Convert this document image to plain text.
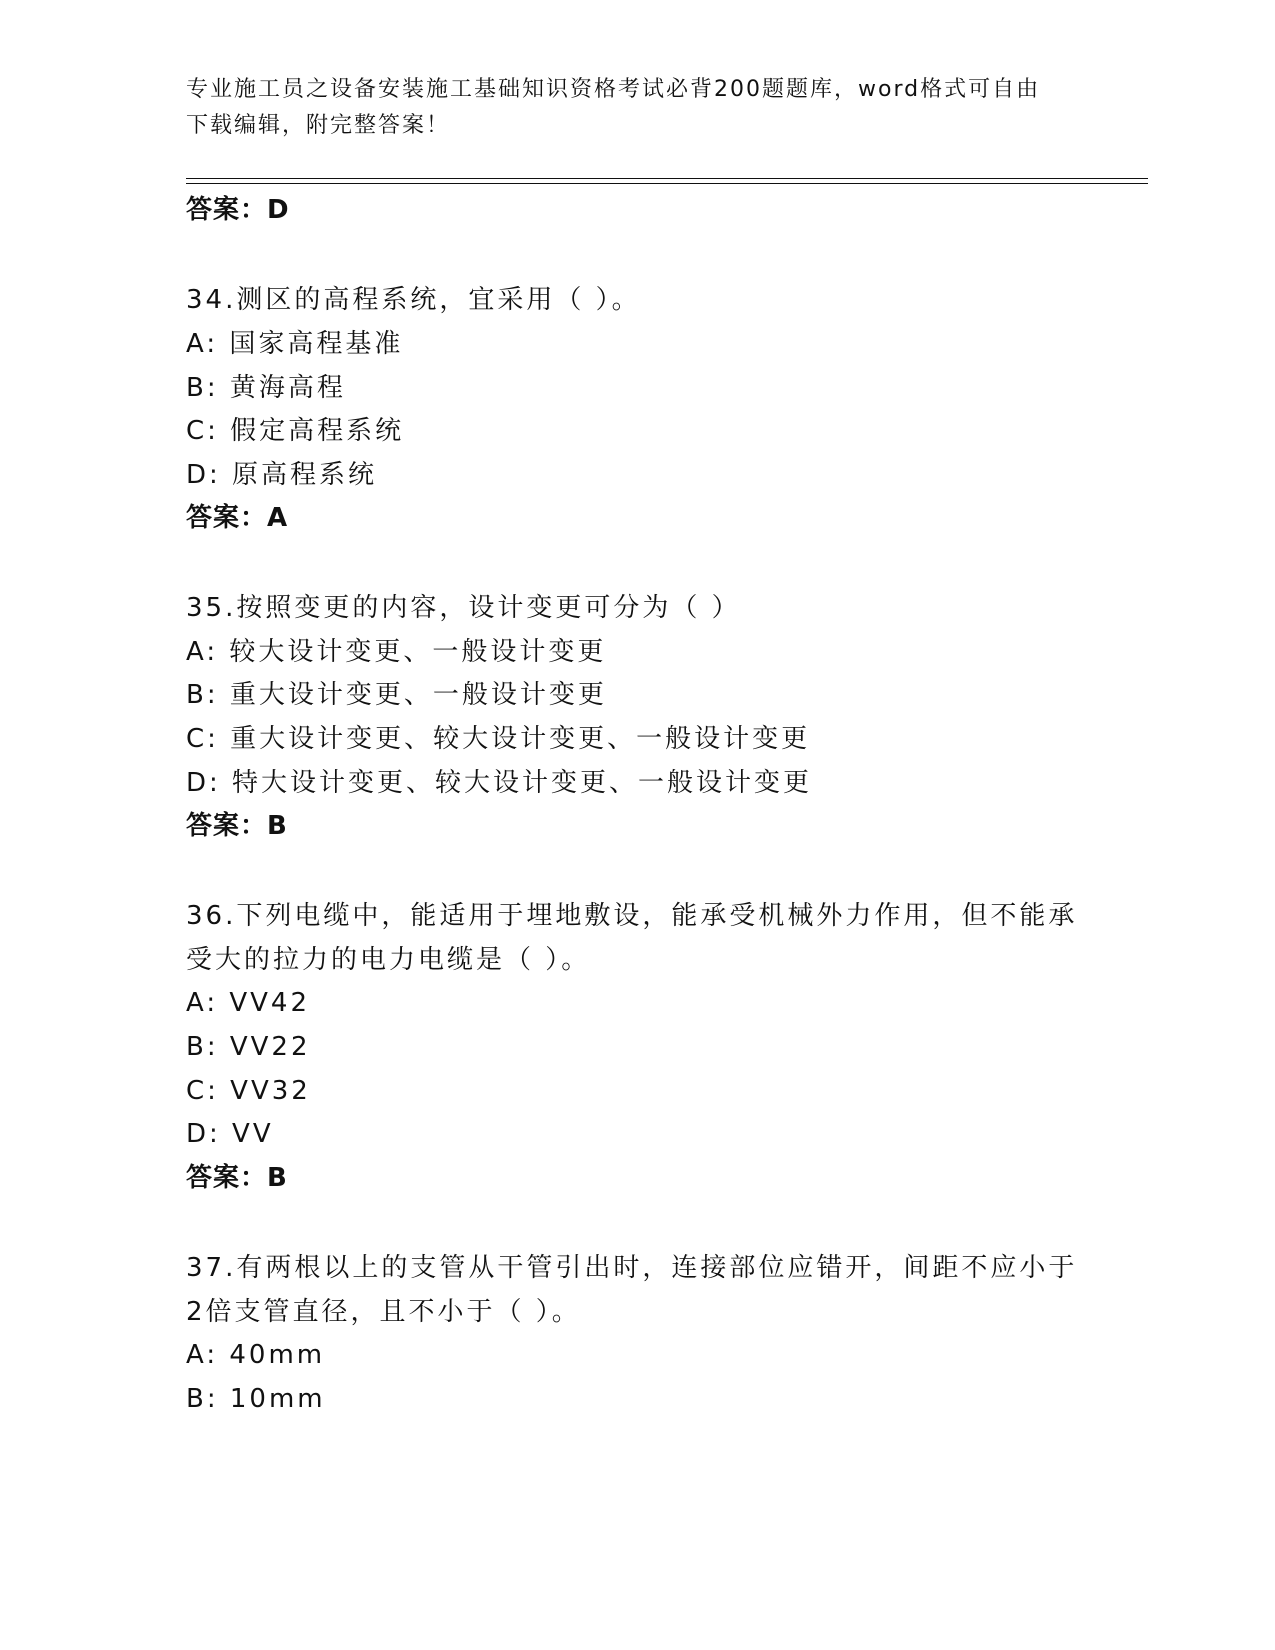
专业施工员之设备安装施工基础知识资格考试必背200题题库，word格式可自由
下载编辑，附完整答案！
答案：D
34.测区的高程系统，宜采用（ ）。
A: 国家高程基准
B: 黄海高程
C: 假定高程系统
D: 原高程系统
答案：A
35.按照变更的内容，设计变更可分为（ ）
A: 较大设计变更、一般设计变更
B: 重大设计变更、一般设计变更
C: 重大设计变更、较大设计变更、一般设计变更
D: 特大设计变更、较大设计变更、一般设计变更
答案：B
36.下列电缆中，能适用于埋地敷设，能承受机械外力作用，但不能承
受大的拉力的电力电缆是（ ）。
A: VV42
B: VV22
C: VV32
D: VV
答案：B
37.有两根以上的支管从干管引出时，连接部位应错开，间距不应小于
2倍支管直径，且不小于（ ）。
A: 40mm
B: 10mm
